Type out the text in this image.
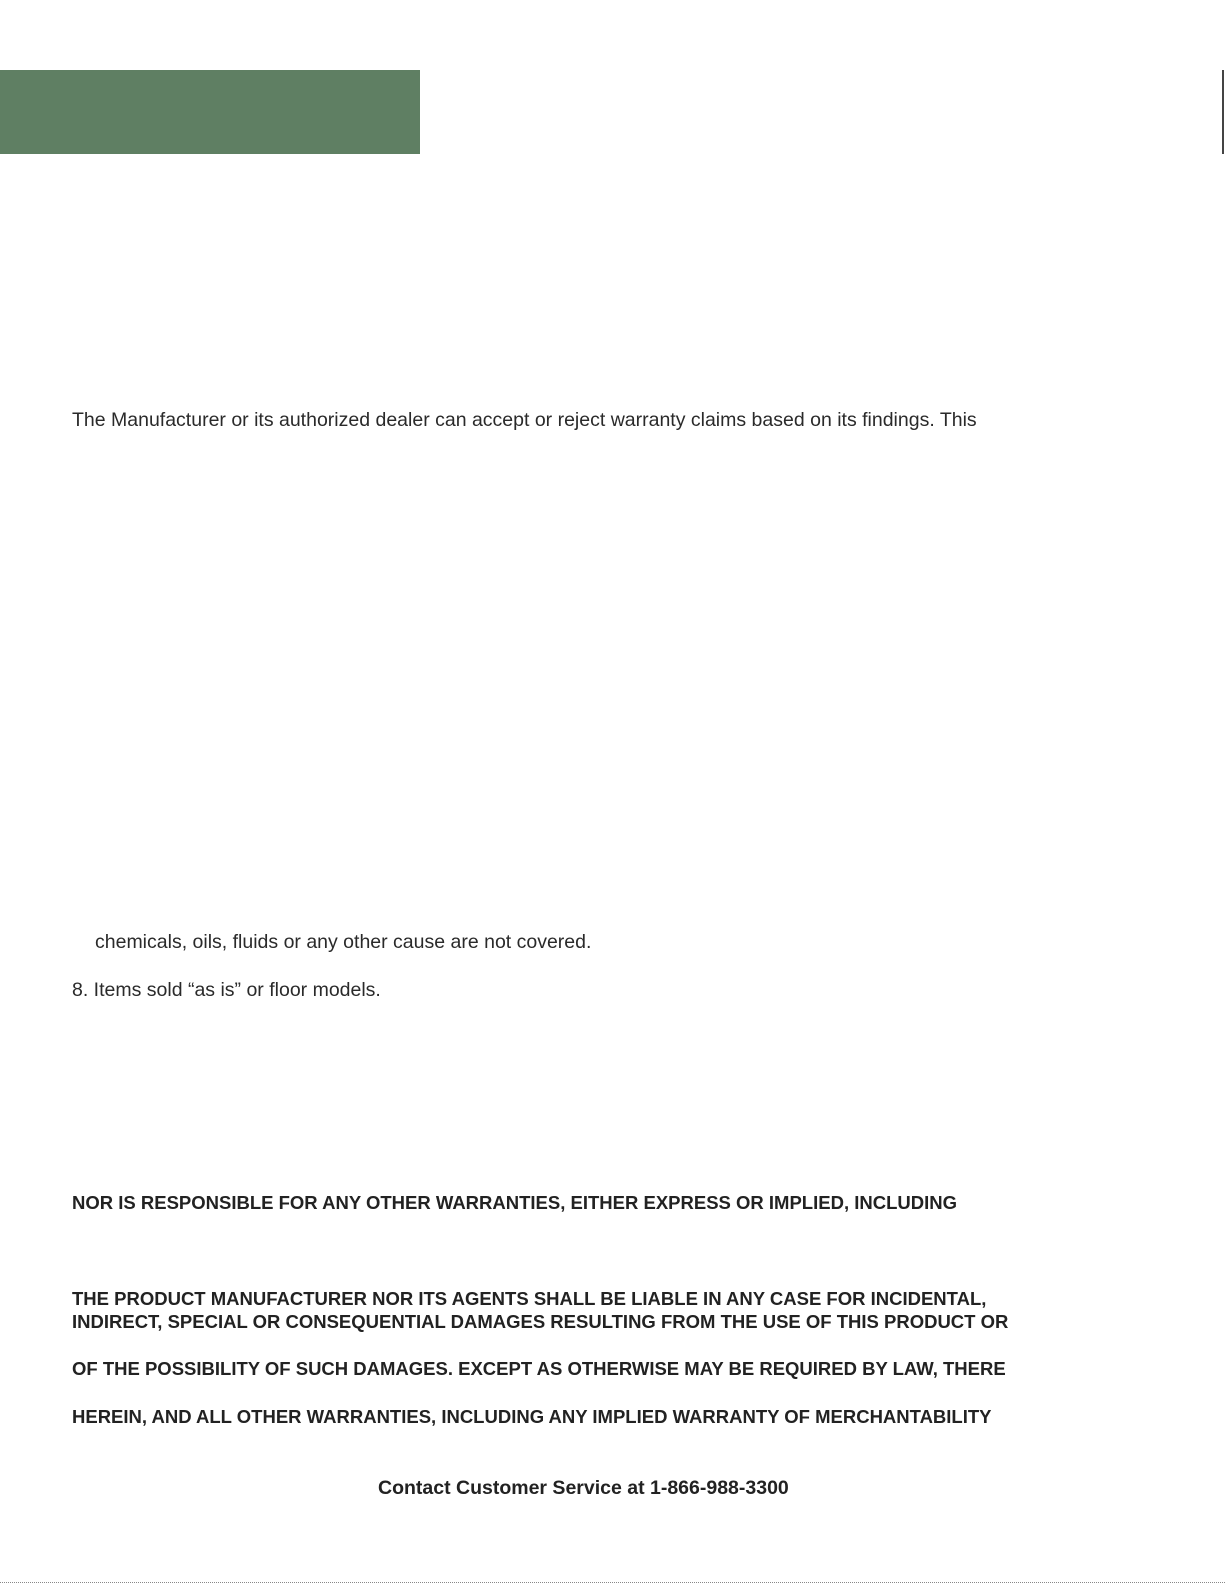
The Manufacturer or its authorized dealer can accept or reject warranty claims based on its findings. This
chemicals, oils, fluids or any other cause are not covered.
8. Items sold “as is” or floor models.
NOR IS RESPONSIBLE FOR ANY OTHER WARRANTIES, EITHER EXPRESS OR IMPLIED, INCLUDING
THE PRODUCT MANUFACTURER NOR ITS AGENTS SHALL BE LIABLE IN ANY CASE FOR INCIDENTAL,
INDIRECT, SPECIAL OR CONSEQUENTIAL DAMAGES RESULTING FROM THE USE OF THIS PRODUCT OR
OF THE POSSIBILITY OF SUCH DAMAGES. EXCEPT AS OTHERWISE MAY BE REQUIRED BY LAW, THERE
HEREIN, AND ALL OTHER WARRANTIES, INCLUDING ANY IMPLIED WARRANTY OF MERCHANTABILITY
Contact Customer Service at 1-866-988-3300
